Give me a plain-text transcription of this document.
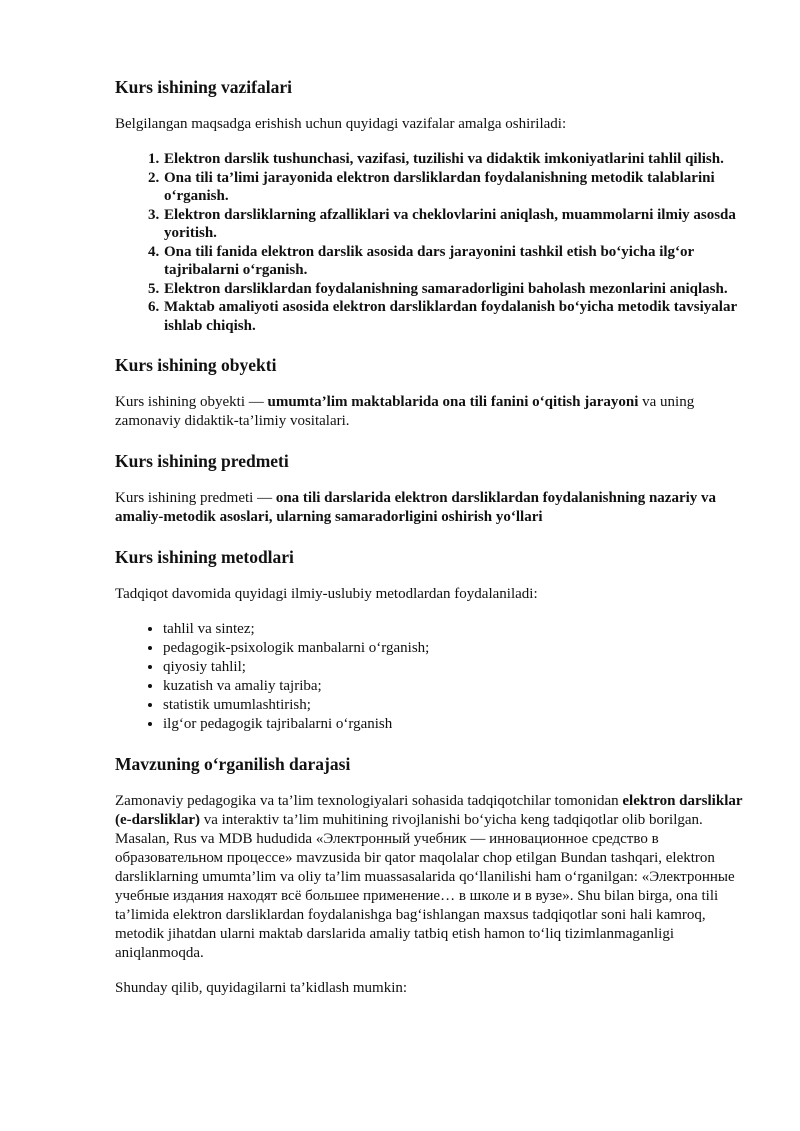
Kurs ishining vazifalari

Belgilangan maqsadga erishish uchun quyidagi vazifalar amalga oshiriladi:

1. Elektron darslik tushunchasi, vazifasi, tuzilishi va didaktik imkoniyatlarini tahlil qilish.
2. Ona tili ta’limi jarayonida elektron darsliklardan foydalanishning metodik talablarini o‘rganish.
3. Elektron darsliklarning afzalliklari va cheklovlarini aniqlash, muammolarni ilmiy asosda yoritish.
4. Ona tili fanida elektron darslik asosida dars jarayonini tashkil etish bo‘yicha ilg‘or tajribalarni o‘rganish.
5. Elektron darsliklardan foydalanishning samaradorligini baholash mezonlarini aniqlash.
6. Maktab amaliyoti asosida elektron darsliklardan foydalanish bo‘yicha metodik tavsiyalar ishlab chiqish.
Kurs ishining obyekti

Kurs ishining obyekti — umumta’lim maktablarida ona tili fanini o‘qitish jarayoni va uning zamonaviy didaktik-ta’limiy vositalari.

Kurs ishining predmeti

Kurs ishining predmeti — ona tili darslarida elektron darsliklardan foydalanishning nazariy va amaliy-metodik asoslari, ularning samaradorligini oshirish yo‘llari

Kurs ishining metodlari

Tadqiqot davomida quyidagi ilmiy-uslubiy metodlardan foydalaniladi:

• tahlil va sintez;
• pedagogik-psixologik manbalarni o‘rganish;
• qiyosiy tahlil;
• kuzatish va amaliy tajriba;
• statistik umumlashtirish;
• ilg‘or pedagogik tajribalarni o‘rganish
Mavzuning o‘rganilish darajasi

Zamonaviy pedagogika va ta’lim texnologiyalari sohasida tadqiqotchilar tomonidan elektron darsliklar (e-darsliklar) va interaktiv ta’lim muhitining rivojlanishi bo‘yicha keng tadqiqotlar olib borilgan. Masalan, Rus va MDB hududida «Электронный учебник — инновационное средство в образовательном процессе» mavzusida bir qator maqolalar chop etilgan Bundan tashqari, elektron darsliklarning umumta’lim va oliy ta’lim muassasalarida qo‘llanilishi ham o‘rganilgan: «Электронные учебные издания находят всё большее применение… в школе и в вузе». Shu bilan birga, ona tili ta’limida elektron darsliklardan foydalanishga bag‘ishlangan maxsus tadqiqotlar soni hali kamroq, metodik jihatdan ularni maktab darslarida amaliy tatbiq etish hamon to‘liq tizimlanmaganligi aniqlanmoqda.

Shunday qilib, quyidagilarni ta’kidlash mumkin:
